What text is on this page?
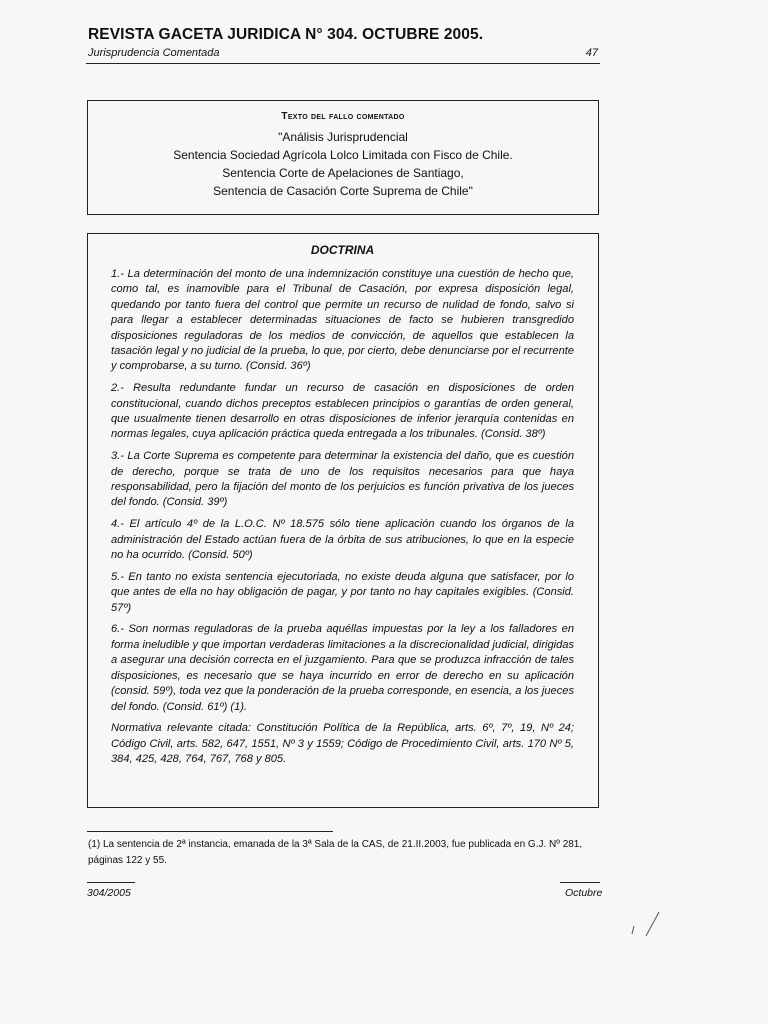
REVISTA GACETA JURIDICA N° 304. OCTUBRE 2005.
Jurisprudencia Comentada	47
Texto del fallo comentado
"Análisis Jurisprudencial
Sentencia Sociedad Agrícola Lolco Limitada con Fisco de Chile.
Sentencia Corte de Apelaciones de Santiago,
Sentencia de Casación Corte Suprema de Chile"
DOCTRINA

1.- La determinación del monto de una indemnización constituye una cuestión de hecho que, como tal, es inamovible para el Tribunal de Casación, por expresa disposición legal, quedando por tanto fuera del control que permite un recurso de nulidad de fondo, salvo si para llegar a establecer determinadas situaciones de facto se hubieren transgredido disposiciones reguladoras de los medios de convicción, de aquellos que establecen la tasación legal y no judicial de la prueba, lo que, por cierto, debe denunciarse por el recurrente y comprobarse, a su turno. (Consid. 36º)

2.- Resulta redundante fundar un recurso de casación en disposiciones de orden constitucional, cuando dichos preceptos establecen principios o garantías de orden general, que usualmente tienen desarrollo en otras disposiciones de inferior jerarquía contenidas en normas legales, cuya aplicación práctica queda entregada a los tribunales. (Consid. 38º)

3.- La Corte Suprema es competente para determinar la existencia del daño, que es cuestión de derecho, porque se trata de uno de los requisitos necesarios para que haya responsabilidad, pero la fijación del monto de los perjuicios es función privativa de los jueces del fondo. (Consid. 39º)

4.- El artículo 4º de la L.O.C. Nº 18.575 sólo tiene aplicación cuando los órganos de la administración del Estado actúan fuera de la órbita de sus atribuciones, lo que en la especie no ha ocurrido. (Consid. 50º)

5.- En tanto no exista sentencia ejecutoriada, no existe deuda alguna que satisfacer, por lo que antes de ella no hay obligación de pagar, y por tanto no hay capitales exigibles. (Consid. 57º)

6.- Son normas reguladoras de la prueba aquéllas impuestas por la ley a los falladores en forma ineludible y que importan verdaderas limitaciones a la discrecionalidad judicial, dirigidas a asegurar una decisión correcta en el juzgamiento. Para que se produzca infracción de tales disposiciones, es necesario que se haya incurrido en error de derecho en su aplicación (consid. 59º), toda vez que la ponderación de la prueba corresponde, en esencia, a los jueces del fondo. (Consid. 61º) (1).

Normativa relevante citada: Constitución Política de la República, arts. 6º, 7º, 19, Nº 24; Código Civil, arts. 582, 647, 1551, Nº 3 y 1559; Código de Procedimiento Civil, arts. 170 Nº 5, 384, 425, 428, 764, 767, 768 y 805.

(1) La sentencia de 2ª instancia, emanada de la 3ª Sala de la CAS, de 21.II.2003, fue publicada en G.J. Nº 281, páginas 122 y 55.
304/2005	Octubre
